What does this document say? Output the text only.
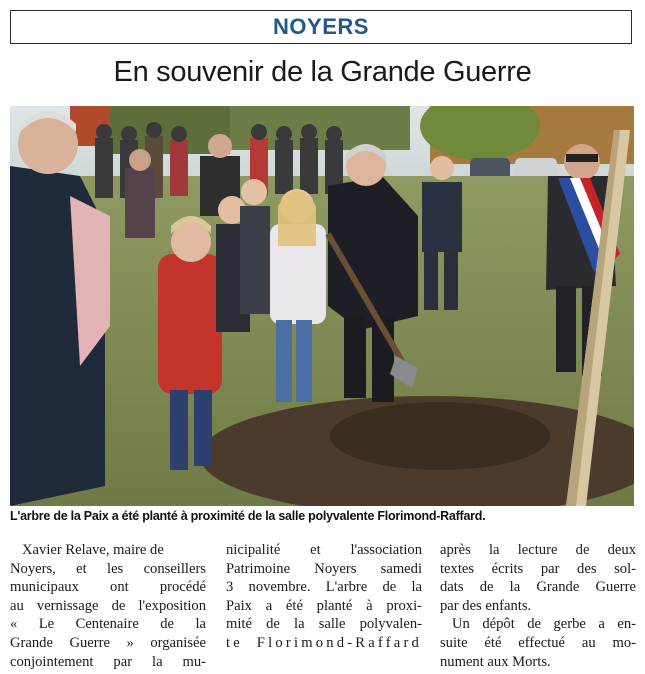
NOYERS
En souvenir de la Grande Guerre
L'arbre de la Paix a été planté à proximité de la salle polyvalente Florimond-Raffard.

Xavier Relave, maire de

Noyers, et les conseillers

municipaux ont procédé

au vernissage de l'exposition

« Le Centenaire de la

Grande Guerre » organisée

conjointement par la mu-

nicipalité et l'association

Patrimoine Noyers samedi

3 novembre. L'arbre de la

Paix a été planté à proxi-

mité de la salle polyvalen-

te Florimond-Raffard

après la lecture de deux

textes écrits par des sol-

dats de la Grande Guerre

par des enfants.

Un dépôt de gerbe a en-

suite été effectué au mo-

nument aux Morts.
